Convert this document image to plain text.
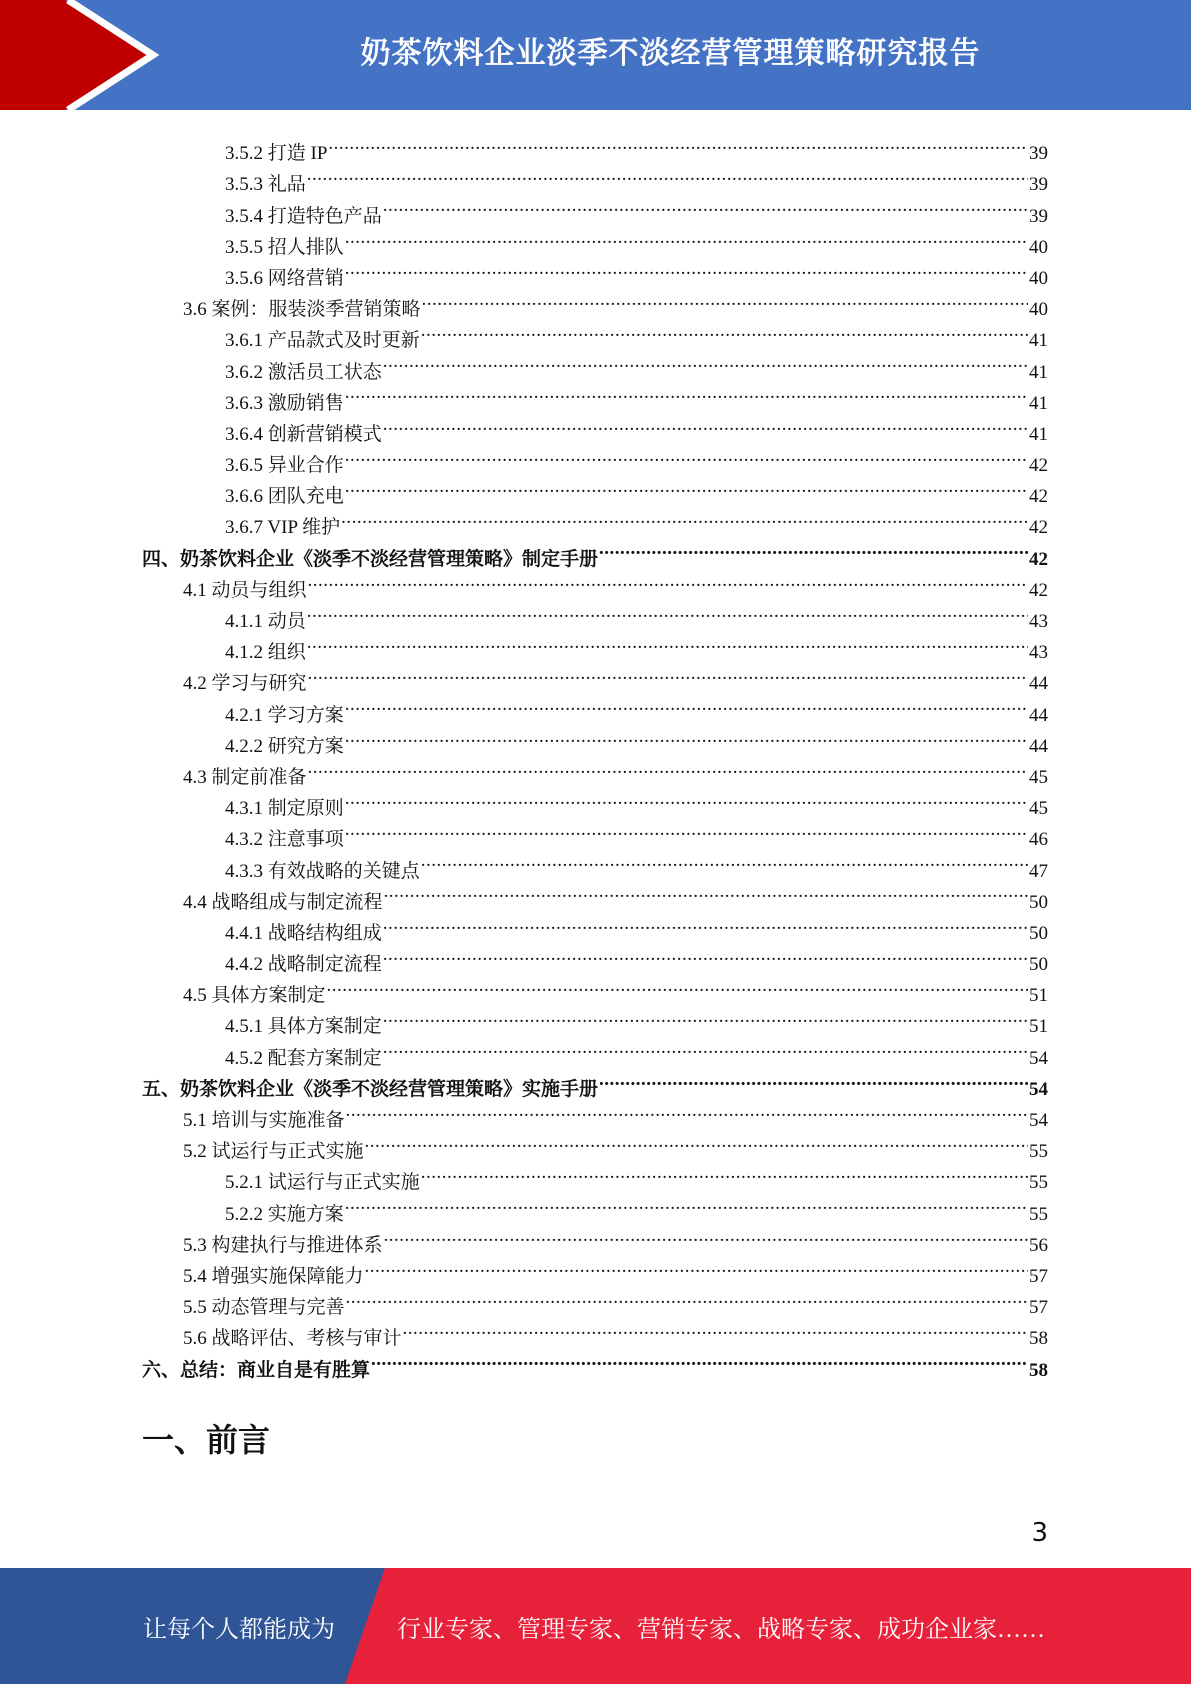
奶茶饮料企业淡季不淡经营管理策略研究报告
3.5.2 打造 IP .....	39
3.5.3 礼品 .....	39
3.5.4 打造特色产品 .....	39
3.5.5 招人排队 .....	40
3.5.6 网络营销 .....	40
3.6 案例：服装淡季营销策略 .....	40
3.6.1 产品款式及时更新 .....	41
3.6.2 激活员工状态 .....	41
3.6.3 激励销售 .....	41
3.6.4 创新营销模式 .....	41
3.6.5 异业合作 .....	42
3.6.6 团队充电 .....	42
3.6.7 VIP 维护 .....	42
四、奶茶饮料企业《淡季不淡经营管理策略》制定手册 .....	42
4.1 动员与组织 .....	42
4.1.1 动员 .....	43
4.1.2 组织 .....	43
4.2 学习与研究 .....	44
4.2.1 学习方案 .....	44
4.2.2 研究方案 .....	44
4.3 制定前准备 .....	45
4.3.1 制定原则 .....	45
4.3.2 注意事项 .....	46
4.3.3 有效战略的关键点 .....	47
4.4 战略组成与制定流程 .....	50
4.4.1 战略结构组成 .....	50
4.4.2 战略制定流程 .....	50
4.5 具体方案制定 .....	51
4.5.1 具体方案制定 .....	51
4.5.2 配套方案制定 .....	54
五、奶茶饮料企业《淡季不淡经营管理策略》实施手册 .....	54
5.1 培训与实施准备 .....	54
5.2 试运行与正式实施 .....	55
5.2.1 试运行与正式实施 .....	55
5.2.2 实施方案 .....	55
5.3 构建执行与推进体系 .....	56
5.4 增强实施保障能力 .....	57
5.5 动态管理与完善 .....	57
5.6 战略评估、考核与审计 .....	58
六、总结：商业自是有胜算 .....	58
一、前言
3
让每个人都能成为	行业专家、管理专家、营销专家、战略专家、成功企业家……
